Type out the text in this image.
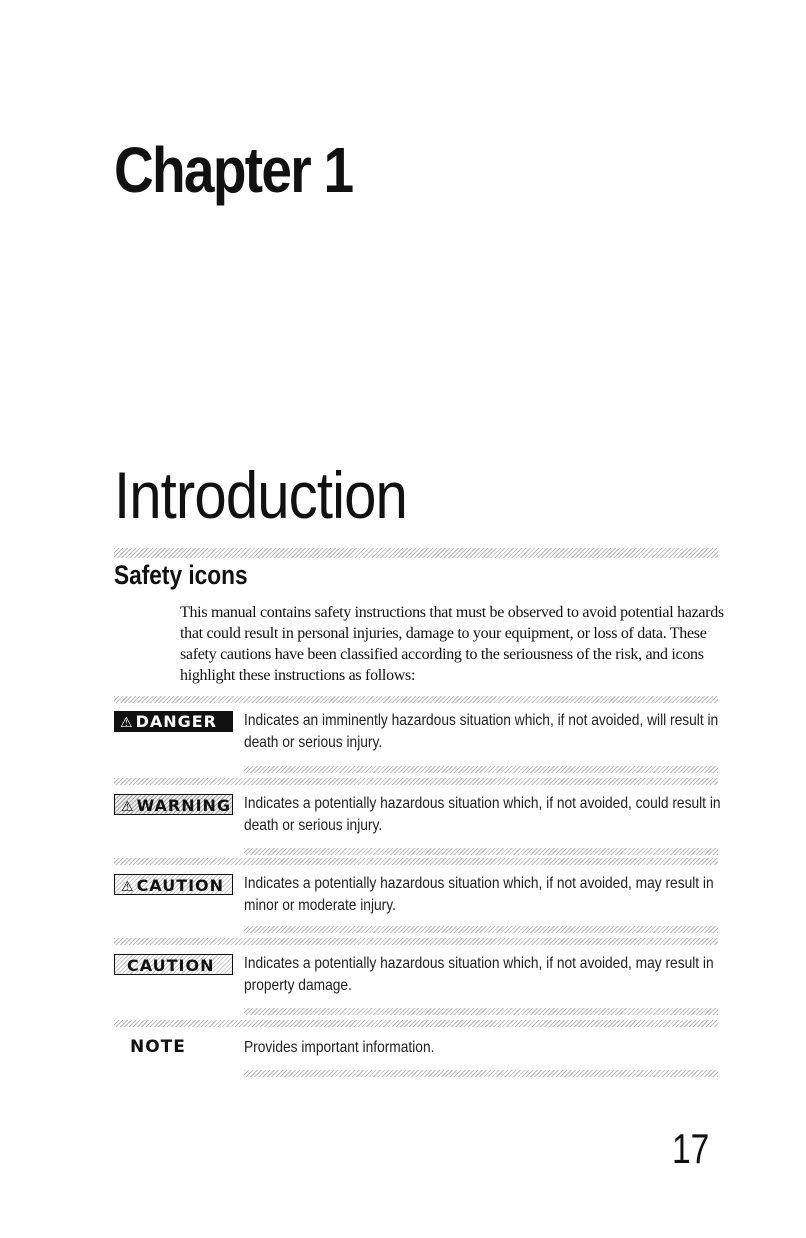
Chapter 1
Introduction
Safety icons
This manual contains safety instructions that must be observed to avoid potential hazards that could result in personal injuries, damage to your equipment, or loss of data. These safety cautions have been classified according to the seriousness of the risk, and icons highlight these instructions as follows:
⚠ DANGER	Indicates an imminently hazardous situation which, if not avoided, will result in death or serious injury.
⚠ WARNING Indicates a potentially hazardous situation which, if not avoided, could result in death or serious injury.
⚠ CAUTION	Indicates a potentially hazardous situation which, if not avoided, may result in minor or moderate injury.
CAUTION	Indicates a potentially hazardous situation which, if not avoided, may result in property damage.
NOTE	Provides important information.
17
